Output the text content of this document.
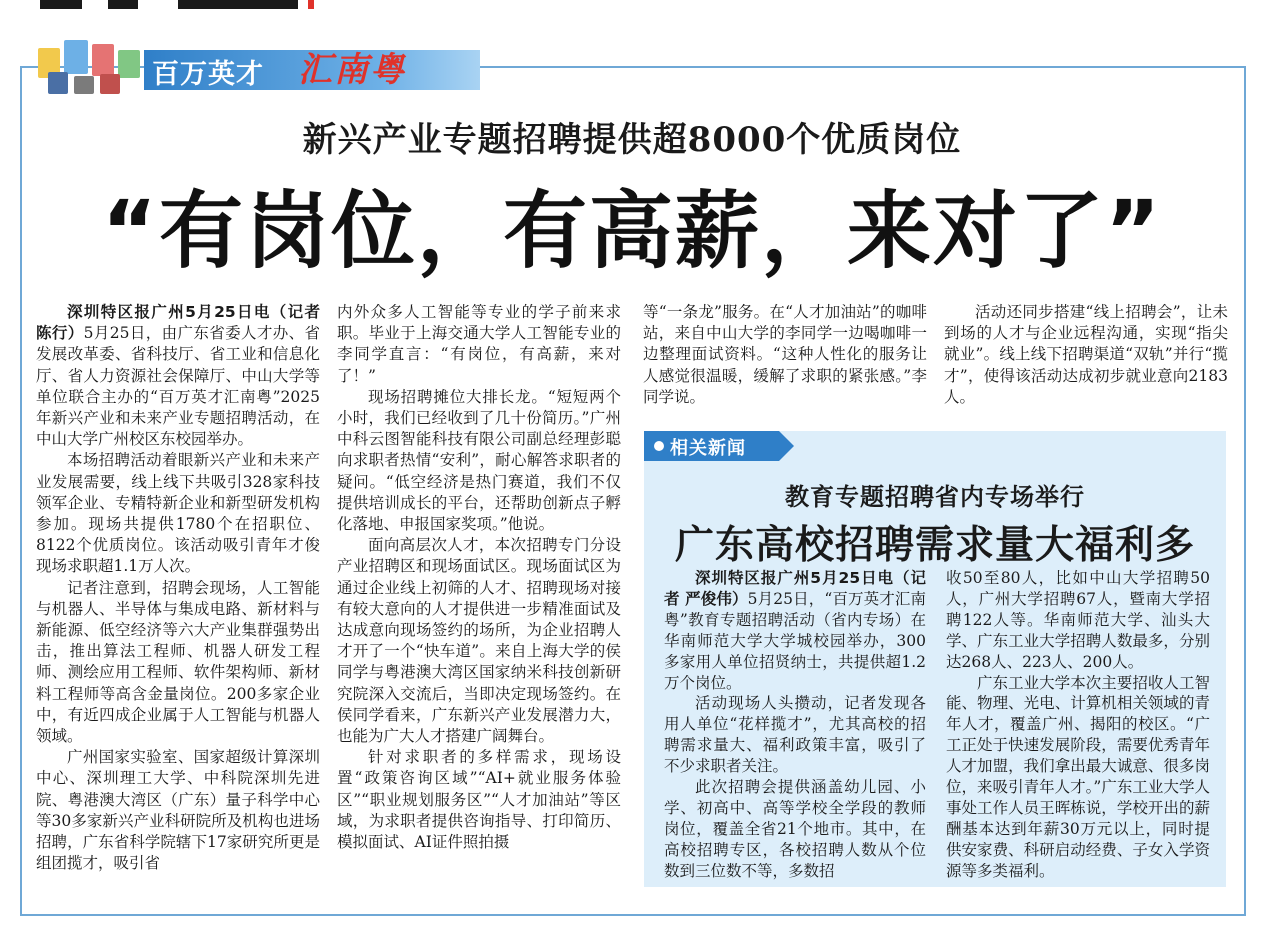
百万英才 汇南粤
新兴产业专题招聘提供超8000个优质岗位
“有岗位，有高薪，来对了”

深圳特区报广州5月25日电（记者 陈行）5月25日，由广东省委人才办、省发展改革委、省科技厅、省工业和信息化厅、省人力资源社会保障厅、中山大学等单位联合主办的“百万英才汇南粤”2025年新兴产业和未来产业专题招聘活动，在中山大学广州校区东校园举办。

本场招聘活动着眼新兴产业和未来产业发展需要，线上线下共吸引328家科技领军企业、专精特新企业和新型研发机构参加。现场共提供1780个在招职位、8122个优质岗位。该活动吸引青年才俊现场求职超1.1万人次。

记者注意到，招聘会现场，人工智能与机器人、半导体与集成电路、新材料与新能源、低空经济等六大产业集群强势出击，推出算法工程师、机器人研发工程师、测绘应用工程师、软件架构师、新材料工程师等高含金量岗位。200多家企业中，有近四成企业属于人工智能与机器人领域。

广州国家实验室、国家超级计算深圳中心、深圳理工大学、中科院深圳先进院、粤港澳大湾区（广东）量子科学中心等30多家新兴产业科研院所及机构也进场招聘，广东省科学院辖下17家研究所更是组团揽才，吸引省

内外众多人工智能等专业的学子前来求职。毕业于上海交通大学人工智能专业的李同学直言：“有岗位，有高薪，来对了！”

现场招聘摊位大排长龙。“短短两个小时，我们已经收到了几十份简历。”广州中科云图智能科技有限公司副总经理彭聪向求职者热情“安利”，耐心解答求职者的疑问。“低空经济是热门赛道，我们不仅提供培训成长的平台，还帮助创新点子孵化落地、申报国家奖项。”他说。

面向高层次人才，本次招聘专门分设产业招聘区和现场面试区。现场面试区为通过企业线上初筛的人才、招聘现场对接有较大意向的人才提供进一步精准面试及达成意向现场签约的场所，为企业招聘人才开了一个“快车道”。来自上海大学的侯同学与粤港澳大湾区国家纳米科技创新研究院深入交流后，当即决定现场签约。在侯同学看来，广东新兴产业发展潜力大，也能为广大人才搭建广阔舞台。

针对求职者的多样需求，现场设置“政策咨询区域”“AI+就业服务体验区”“职业规划服务区”“人才加油站”等区域，为求职者提供咨询指导、打印简历、模拟面试、AI证件照拍摄

等“一条龙”服务。在“人才加油站”的咖啡站，来自中山大学的李同学一边喝咖啡一边整理面试资料。“这种人性化的服务让人感觉很温暖，缓解了求职的紧张感。”李同学说。

活动还同步搭建“线上招聘会”，让未到场的人才与企业远程沟通，实现“指尖就业”。线上线下招聘渠道“双轨”并行“揽才”，使得该活动达成初步就业意向2183人。

相关新闻
教育专题招聘省内专场举行
广东高校招聘需求量大福利多

深圳特区报广州5月25日电（记者 严俊伟）5月25日，“百万英才汇南粤”教育专题招聘活动（省内专场）在华南师范大学大学城校园举办，300多家用人单位招贤纳士，共提供超1.2万个岗位。

活动现场人头攒动，记者发现各用人单位“花样揽才”，尤其高校的招聘需求量大、福利政策丰富，吸引了不少求职者关注。

此次招聘会提供涵盖幼儿园、小学、初高中、高等学校全学段的教师岗位，覆盖全省21个地市。其中，在高校招聘专区，各校招聘人数从个位数到三位数不等，多数招

收50至80人，比如中山大学招聘50人，广州大学招聘67人，暨南大学招聘122人等。华南师范大学、汕头大学、广东工业大学招聘人数最多，分别达268人、223人、200人。

广东工业大学本次主要招收人工智能、物理、光电、计算机相关领域的青年人才，覆盖广州、揭阳的校区。“广工正处于快速发展阶段，需要优秀青年人才加盟，我们拿出最大诚意、很多岗位，来吸引青年人才。”广东工业大学人事处工作人员王晖栋说，学校开出的薪酬基本达到年薪30万元以上，同时提供安家费、科研启动经费、子女入学资源等多类福利。
